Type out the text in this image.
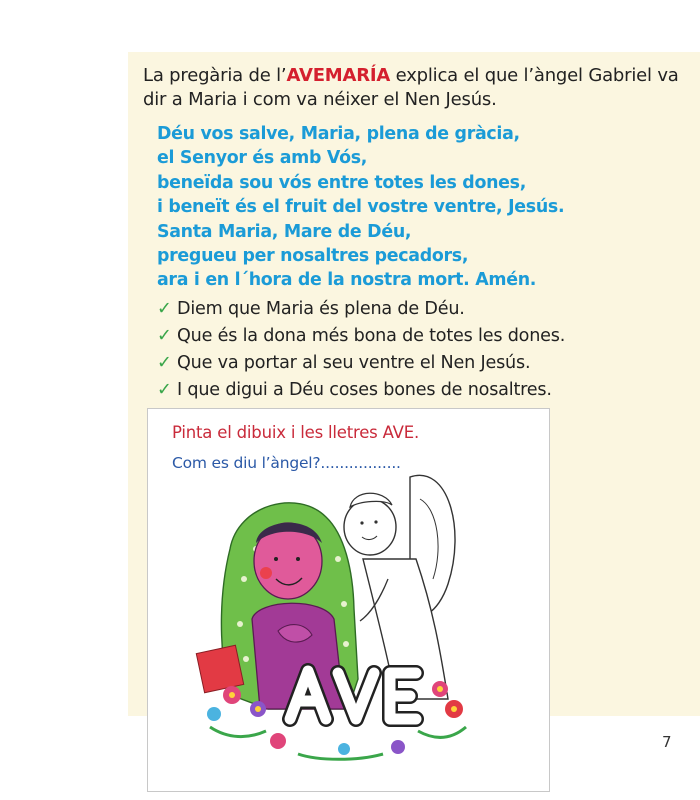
La pregària de l’AVEMARÍA explica el que l’àngel Gabriel va dir a Maria i com va néixer el Nen Jesús.
Déu vos salve, Maria, plena de gràcia,
el Senyor és amb Vós,
beneïda sou vós entre totes les dones,
i beneït és el fruit del vostre ventre, Jesús.
Santa Maria, Mare de Déu,
pregueu per nosaltres pecadors,
ara i en l´hora de la nostra mort. Amén.
✓ Diem que Maria és plena de Déu.
✓ Que és la dona més bona de totes les dones.
✓ Que va portar al seu ventre el Nen Jesús.
✓ I que digui a Déu coses bones de nosaltres.
Pinta el dibuix i les lletres AVE.
Com es diu l’àngel?.................
7
